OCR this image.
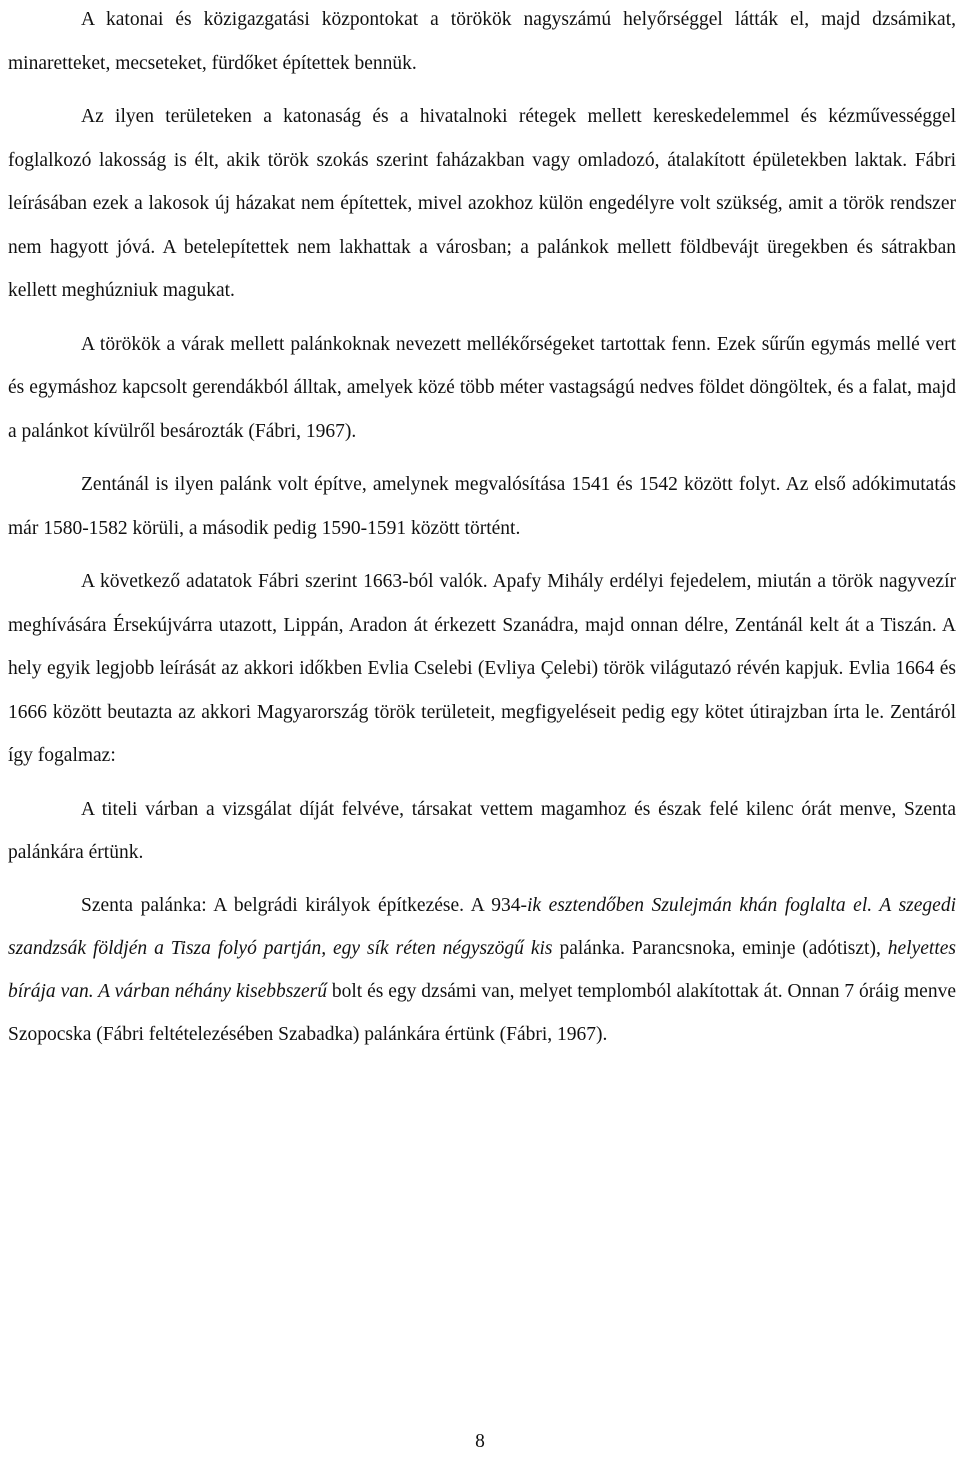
A katonai és közigazgatási központokat a törökök nagyszámú helyőrséggel látták el, majd dzsámikat, minaretteket, mecseteket, fürdőket építettek bennük.

Az ilyen területeken a katonaság és a hivatalnoki rétegek mellett kereskedelemmel és kézművességgel foglalkozó lakosság is élt, akik török szokás szerint faházakban vagy omladozó, átalakított épületekben laktak. Fábri leírásában ezek a lakosok új házakat nem építettek, mivel azokhoz külön engedélyre volt szükség, amit a török rendszer nem hagyott jóvá. A betelepítettek nem lakhattak a városban; a palánkok mellett földbevájt üregekben és sátrakban kellett meghúzniuk magukat.

A törökök a várak mellett palánkoknak nevezett mellékőrségeket tartottak fenn. Ezek sűrűn egymás mellé vert és egymáshoz kapcsolt gerendákból álltak, amelyek közé több méter vastagságú nedves földet döngöltek, és a falat, majd a palánkot kívülről besározták (Fábri, 1967).

Zentánál is ilyen palánk volt építve, amelynek megvalósítása 1541 és 1542 között folyt. Az első adókimutatás már 1580-1582 körüli, a második pedig 1590-1591 között történt.

A következő adatatok Fábri szerint 1663-ból valók. Apafy Mihály erdélyi fejedelem, miután a török nagyvezír meghívására Érsekújvárra utazott, Lippán, Aradon át érkezett Szanádra, majd onnan délre, Zentánál kelt át a Tiszán. A hely egyik legjobb leírását az akkori időkben Evlia Cselebi (Evliya Çelebi) török világutazó révén kapjuk. Evlia 1664 és 1666 között beutazta az akkori Magyarország török területeit, megfigyeléseit pedig egy kötet útirajzban írta le. Zentáról így fogalmaz:

A titeli várban a vizsgálat díját felvéve, társakat vettem magamhoz és észak felé kilenc órát menve, Szenta palánkára értünk.

Szenta palánka: A belgrádi királyok építkezése. A 934-ik esztendőben Szulejmán khán foglalta el. A szegedi szandzsák földjén a Tisza folyó partján, egy sík réten négyszögű kis palánka. Parancsnoka, eminje (adótiszt), helyettes bírája van. A várban néhány kisebbszerű bolt és egy dzsámi van, melyet templomból alakítottak át. Onnan 7 óráig menve Szopocska (Fábri feltételezésében Szabadka) palánkára értünk (Fábri, 1967).

8
